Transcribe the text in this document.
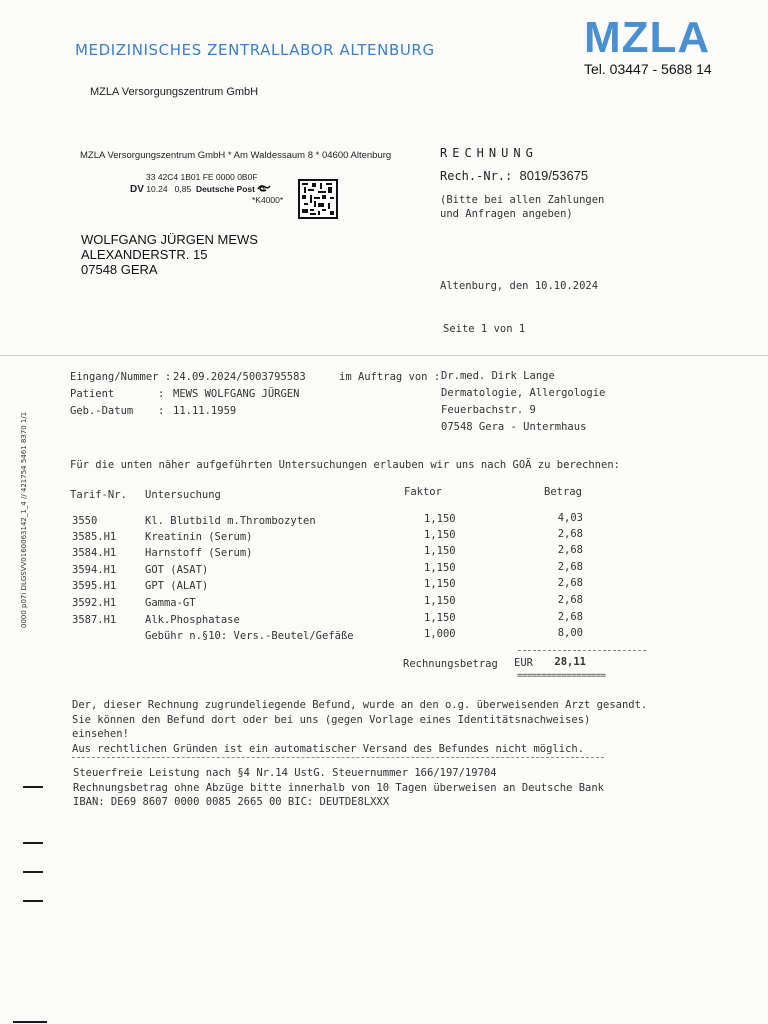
MEDIZINISCHES ZENTRALLABOR ALTENBURG	MZLA
Tel. 03447 - 5688 14
MZLA Versorgungszentrum GmbH
MZLA Versorgungszentrum GmbH * Am Waldessaum 8 * 04600 Altenburg
33 42C4 1B01 FE 0000 0B0F
DV 10.24 0,85 Deutsche Post
*K4000*
WOLFGANG JÜRGEN MEWS
ALEXANDERSTR. 15
07548 GERA
RECHNUNG
Rech.-Nr.: 8019/53675
(Bitte bei allen Zahlungen
und Anfragen angeben)
Altenburg, den 10.10.2024
Seite 1 von 1
Eingang/Nummer : 24.09.2024/5003795583
Patient	: MEWS WOLFGANG JÜRGEN
Geb.-Datum : 11.11.1959
im Auftrag von : Dr.med. Dirk Lange
Dermatologie, Allergologie
Feuerbachstr. 9
07548 Gera - Untermhaus
Für die unten näher aufgeführten Untersuchungen erlauben wir uns nach GOÄ zu berechnen:
Tarif-Nr. Untersuchung	Faktor	Betrag
3550	Kl. Blutbild m.Thrombozyten	1,150	4,03
3585.H1	Kreatinin (Serum)	1,150	2,68
3584.H1	Harnstoff (Serum)	1,150	2,68
3594.H1	GOT (ASAT)	1,150	2,68
3595.H1	GPT (ALAT)	1,150	2,68
3592.H1	Gamma-GT	1,150	2,68
3587.H1	Alk.Phosphatase	1,150	2,68
Gebühr n.§10: Vers.-Beutel/Gefäße	1,000	8,00
Rechnungsbetrag EUR	28,11
==================
Der, dieser Rechnung zugrundeliegende Befund, wurde an den o.g. überweisenden Arzt gesandt.
Sie können den Befund dort oder bei uns (gegen Vorlage eines Identitätsnachweises)
einsehen!
Aus rechtlichen Gründen ist ein automatischer Versand des Befundes nicht möglich.
Steuerfreie Leistung nach §4 Nr.14 UstG. Steuernummer 166/197/19704
Rechnungsbetrag ohne Abzüge bitte innerhalb von 10 Tagen überweisen an Deutsche Bank
IBAN: DE69 8607 0000 0085 2665 00 BIC: DEUTDE8LXXX
0000 p07i DLGSVV0160063142_1_4 // 421754 5461 8370 1/1
